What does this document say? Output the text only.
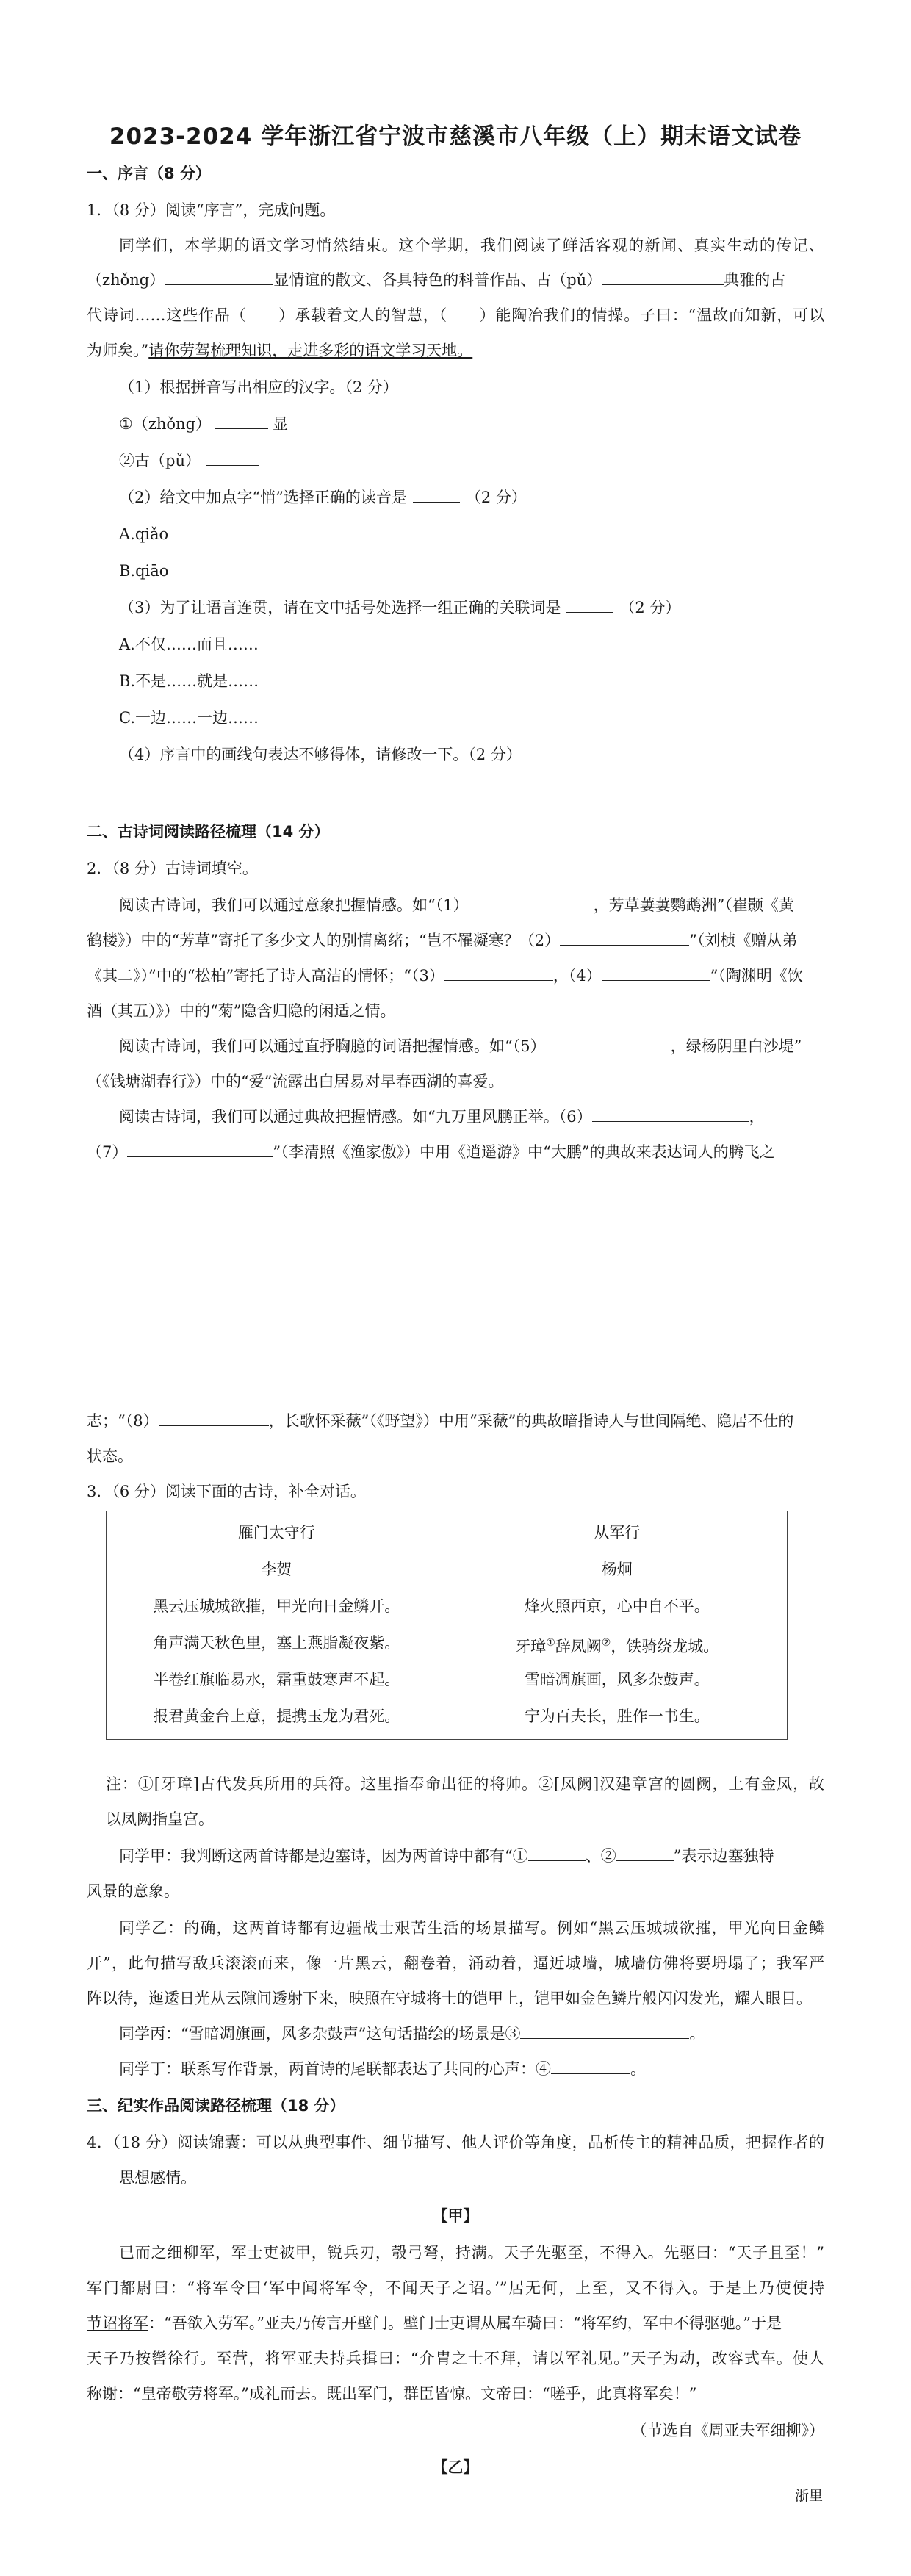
2023-2024 学年浙江省宁波市慈溪市八年级（上）期末语文试卷
一、序言（8 分）
1．（8 分）阅读“序言”，完成问题。
同学们，本学期的语文学习悄然结束。这个学期，我们阅读了鲜活客观的新闻、真实生动的传记、
（zhǒng）	显情谊的散文、各具特色的科普作品、古（pǔ）	典雅的古
代诗词……这些作品（　　）承载着文人的智慧，（　　）能陶冶我们的情操。子曰：“温故而知新，可以
为师矣。”请你劳驾梳理知识，走进多彩的语文学习天地。
（1）根据拼音写出相应的汉字。（2 分）
①（zhǒng）	显
②古（pǔ）
（2）给文中加点字“悄”选择正确的读音是	（2 分）
A.qiǎo
B.qiāo
（3）为了让语言连贯，请在文中括号处选择一组正确的关联词是	（2 分）
A.不仅……而且……
B.不是……就是……
C.一边……一边……
（4）序言中的画线句表达不够得体，请修改一下。（2 分）
二、古诗词阅读路径梳理（14 分）
2．（8 分）古诗词填空。
阅读古诗词，我们可以通过意象把握情感。如“（1）	，芳草萋萋鹦鹉洲”（崔颢《黄
鹤楼》）中的“芳草”寄托了多少文人的别情离绪；“岂不罹凝寒？（2）	”（刘桢《赠从弟
《其二》）”中的“松柏”寄托了诗人高洁的情怀；“（3）	，（4）	”（陶渊明《饮
酒（其五）》）中的“菊”隐含归隐的闲适之情。
阅读古诗词，我们可以通过直抒胸臆的词语把握情感。如“（5）	，绿杨阴里白沙堤”
（《钱塘湖春行》）中的“爱”流露出白居易对早春西湖的喜爱。
阅读古诗词，我们可以通过典故把握情感。如“九万里风鹏正举。（6）	，
（7）	”（李清照《渔家傲》）中用《逍遥游》中“大鹏”的典故来表达词人的腾飞之
志；“（8）	，长歌怀采薇”（《野望》）中用“采薇”的典故暗指诗人与世间隔绝、隐居不仕的
状态。
3．（6 分）阅读下面的古诗，补全对话。
雁门太守行
李贺
黑云压城城欲摧，甲光向日金鳞开。
角声满天秋色里，塞上燕脂凝夜紫。
半卷红旗临易水，霜重鼓寒声不起。
报君黄金台上意，提携玉龙为君死。

从军行
杨炯
烽火照西京，心中自不平。
牙璋①辞凤阙②，铁骑绕龙城。
雪暗凋旗画，风多杂鼓声。
宁为百夫长，胜作一书生。
注：①[牙璋]古代发兵所用的兵符。这里指奉命出征的将帅。②[凤阙]汉建章宫的圆阙，上有金凤，故
以凤阙指皇宫。
同学甲：我判断这两首诗都是边塞诗，因为两首诗中都有“①	、②	”表示边塞独特
风景的意象。
同学乙：的确，这两首诗都有边疆战士艰苦生活的场景描写。例如“黑云压城城欲摧，甲光向日金鳞
开”，此句描写敌兵滚滚而来，像一片黑云，翻卷着，涌动着，逼近城墙，城墙仿佛将要坍塌了；我军严
阵以待，迤逶日光从云隙间透射下来，映照在守城将士的铠甲上，铠甲如金色鳞片般闪闪发光，耀人眼目。
同学丙：“雪暗凋旗画，风多杂鼓声”这句话描绘的场景是③	。
同学丁：联系写作背景，两首诗的尾联都表达了共同的心声：④	。
三、纪实作品阅读路径梳理（18 分）
4．（18 分）阅读锦囊：可以从典型事件、细节描写、他人评价等角度，品析传主的精神品质，把握作者的
思想感情。
【甲】
已而之细柳军，军士吏被甲，锐兵刃，彀弓弩，持满。天子先驱至，不得入。先驱曰：“天子且至！”
军门都尉曰：“将军令曰‘军中闻将军令，不闻天子之诏。’”居无何，上至，又不得入。于是上乃使使持
节诏将军：“吾欲入劳军。”亚夫乃传言开壁门。壁门士吏谓从属车骑曰：“将军约，军中不得驱驰。”于是
天子乃按辔徐行。至营，将军亚夫持兵揖曰：“介胄之士不拜，请以军礼见。”天子为动，改容式车。使人
称谢：“皇帝敬劳将军。”成礼而去。既出军门，群臣皆惊。文帝曰：“嗟乎，此真将军矣！”
（节选自《周亚夫军细柳》）
【乙】
浙里
